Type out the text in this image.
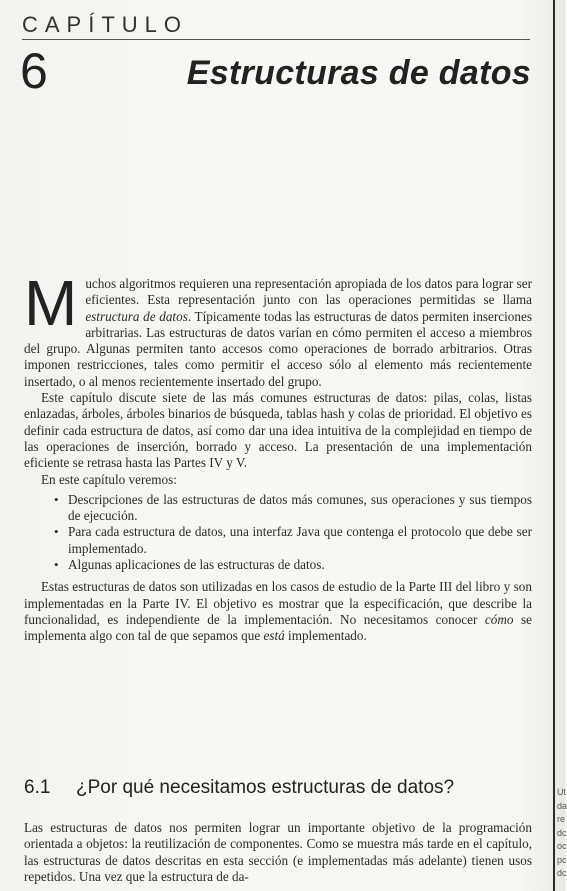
CAPÍTULO
6	Estructuras de datos

Muchos algoritmos requieren una representación apropiada de los datos para lograr ser eficientes. Esta representación junto con las operaciones permitidas se llama estructura de datos. Típicamente todas las estructuras de datos permiten inserciones arbitrarias. Las estructuras de datos varían en cómo permiten el acceso a miembros del grupo. Algunas permiten tanto accesos como operaciones de borrado arbitrarios. Otras imponen restricciones, tales como permitir el acceso sólo al elemento más recientemente insertado, o al menos recientemente insertado del grupo.

Este capítulo discute siete de las más comunes estructuras de datos: pilas, colas, listas enlazadas, árboles, árboles binarios de búsqueda, tablas hash y colas de prioridad. El objetivo es definir cada estructura de datos, así como dar una idea intuitiva de la complejidad en tiempo de las operaciones de inserción, borrado y acceso. La presentación de una implementación eficiente se retrasa hasta las Partes IV y V.

En este capítulo veremos:

• Descripciones de las estructuras de datos más comunes, sus operaciones y sus tiempos de ejecución.
• Para cada estructura de datos, una interfaz Java que contenga el protocolo que debe ser implementado.
• Algunas aplicaciones de las estructuras de datos.

Estas estructuras de datos son utilizadas en los casos de estudio de la Parte III del libro y son implementadas en la Parte IV. El objetivo es mostrar que la especificación, que describe la funcionalidad, es independiente de la implementación. No necesitamos conocer cómo se implementa algo con tal de que sepamos que está implementado.

6.1 ¿Por qué necesitamos estructuras de datos?

Las estructuras de datos nos permiten lograr un importante objetivo de la programación orientada a objetos: la reutilización de componentes. Como se muestra más tarde en el capítulo, las estructuras de datos descritas en esta sección (e implementadas más adelante) tienen usos repetidos. Una vez que la estructura de da-

Ut
da
re
dc
oc
pc
dc
